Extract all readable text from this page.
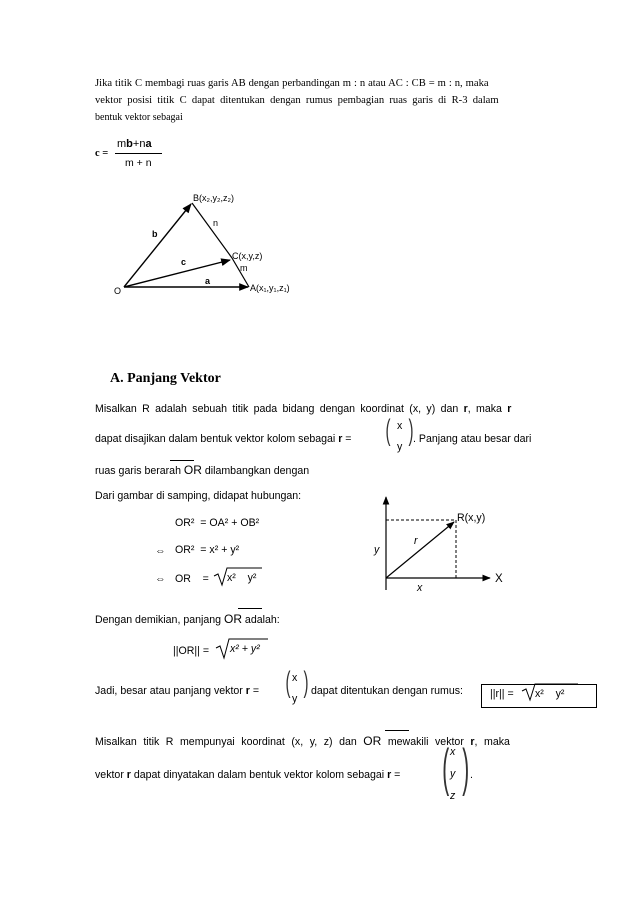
Jika titik C membagi ruas garis AB dengan perbandingan m : n atau AC : CB = m : n, maka
vektor posisi titik C dapat ditentukan dengan rumus pembagian ruas garis di R-3 dalam
bentuk vektor sebagai
c =
mb+na
m + n
B(x₂,y₂,z₂)
n
b
C(x,y,z)
c
m
a
A(x₁,y₁,z₁)
O
A. Panjang Vektor
Misalkan R adalah sebuah titik pada bidang dengan koordinat (x, y) dan r, maka r
dapat disajikan dalam bentuk vektor kolom sebagai r = ( x
y ) . Panjang atau besar dari
ruas garis berarah OR dilambangkan dengan
Dari gambar di samping, didapat hubungan:
OR²  = OA² + OB²
⇔ OR²  = x² + y²
⇔ OR    = x²    y²
R(x,y)
r
y
x
X
Dengan demikian, panjang OR adalah:
||OR|| = x² + y²
Jadi, besar atau panjang vektor r = ( x
y ) dapat ditentukan dengan rumus:	||r|| = x²    y²
Misalkan titik R mempunyai koordinat (x, y, z) dan OR mewakili vektor r, maka
vektor r dapat dinyatakan dalam bentuk vektor kolom sebagai r = ( x
y
z ) .
